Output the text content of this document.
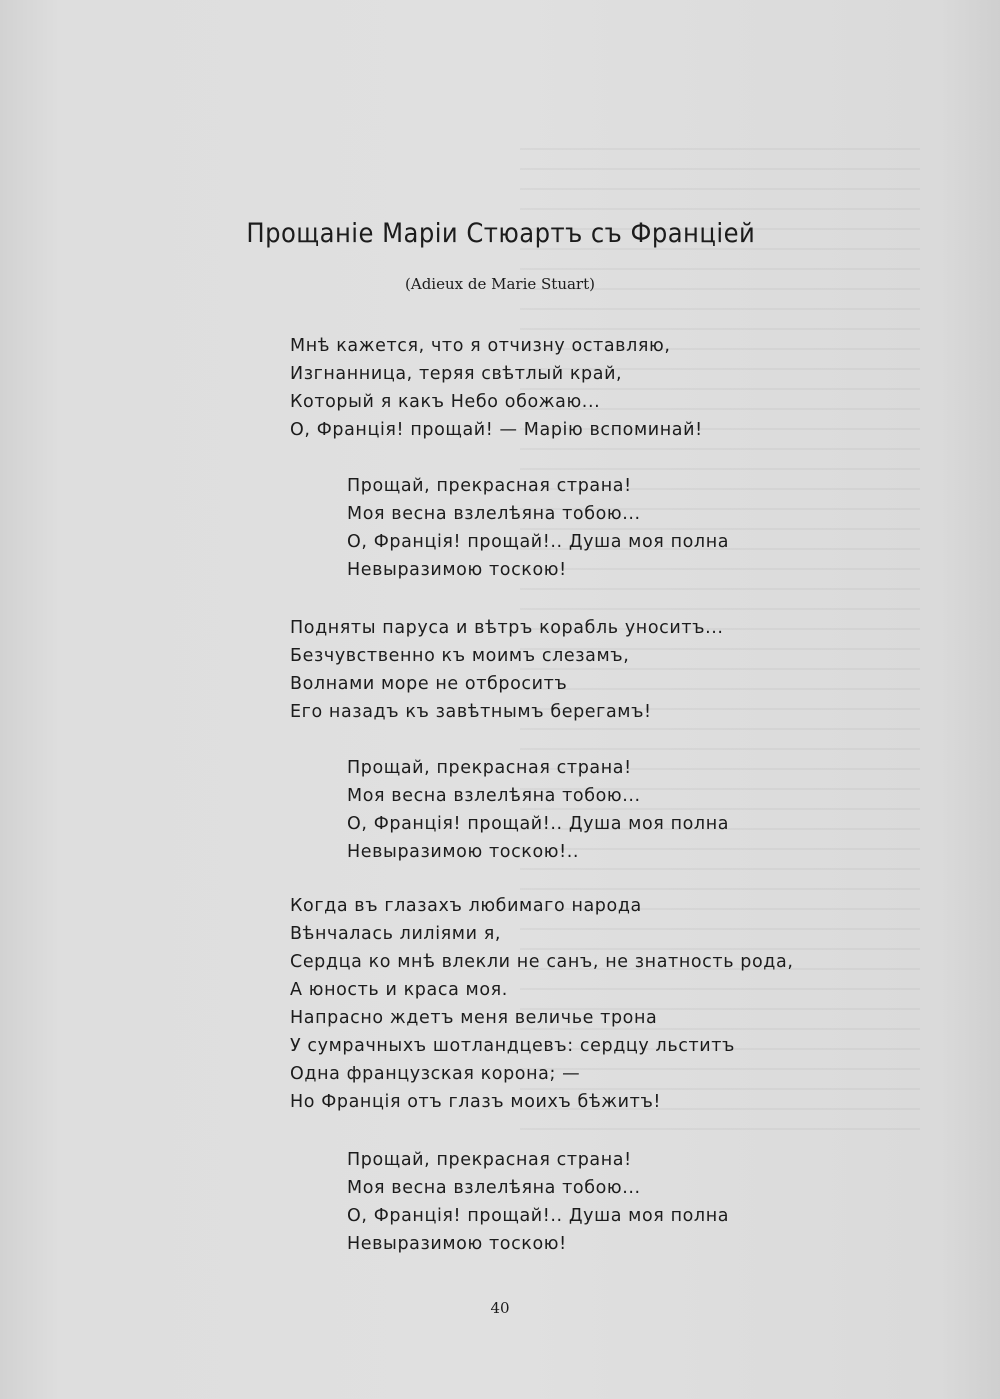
Прощаніе Маріи Стюартъ съ Франціей
(Adieux de Marie Stuart)
Мнѣ кажется, что я отчизну оставляю,
Изгнанница, теряя свѣтлый край,
Который я какъ Небо обожаю...
О, Франція! прощай! — Марію вспоминай!
Прощай, прекрасная страна!
Моя весна взлелѣяна тобою...
О, Франція! прощай!.. Душа моя полна
Невыразимою тоскою!
Подняты паруса и вѣтръ корабль уноситъ...
Безчувственно къ моимъ слезамъ,
Волнами море не отброситъ
Его назадъ къ завѣтнымъ берегамъ!
Прощай, прекрасная страна!
Моя весна взлелѣяна тобою...
О, Франція! прощай!.. Душа моя полна
Невыразимою тоскою!..
Когда въ глазахъ любимаго народа
Вѣнчалась лиліями я,
Сердца ко мнѣ влекли не санъ, не знатность рода,
А юность и краса моя.
Напрасно ждетъ меня величье трона
У сумрачныхъ шотландцевъ: сердцу льститъ
Одна французская корона; —
Но Франція отъ глазъ моихъ бѣжитъ!
Прощай, прекрасная страна!
Моя весна взлелѣяна тобою...
О, Франція! прощай!.. Душа моя полна
Невыразимою тоскою!
40
